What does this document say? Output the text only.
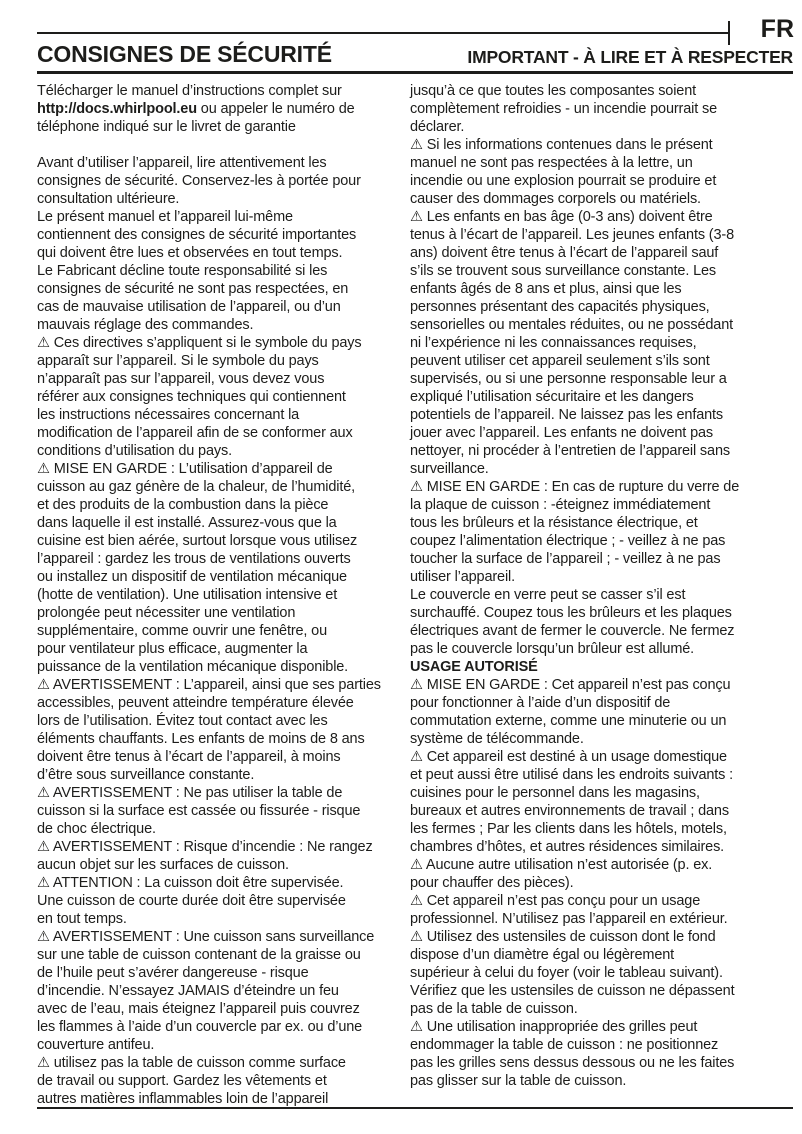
FR
CONSIGNES DE SÉCURITÉ	IMPORTANT - À LIRE ET À RESPECTER
Télécharger le manuel d’instructions complet sur
http://docs.whirlpool.eu ou appeler le numéro de
téléphone indiqué sur le livret de garantie

Avant d’utiliser l’appareil, lire attentivement les
consignes de sécurité. Conservez-les à portée pour
consultation ultérieure.
Le présent manuel et l’appareil lui-même
contiennent des consignes de sécurité importantes
qui doivent être lues et observées en tout temps.
Le Fabricant décline toute responsabilité si les
consignes de sécurité ne sont pas respectées, en
cas de mauvaise utilisation de l’appareil, ou d’un
mauvais réglage des commandes.
⚠ Ces directives s’appliquent si le symbole du pays
apparaît sur l’appareil. Si le symbole du pays
n’apparaît pas sur l’appareil, vous devez vous
référer aux consignes techniques qui contiennent
les instructions nécessaires concernant la
modification de l’appareil afin de se conformer aux
conditions d’utilisation du pays.
⚠ MISE EN GARDE : L’utilisation d’appareil de
cuisson au gaz génère de la chaleur, de l’humidité,
et des produits de la combustion dans la pièce
dans laquelle il est installé. Assurez-vous que la
cuisine est bien aérée, surtout lorsque vous utilisez
l’appareil : gardez les trous de ventilations ouverts
ou installez un dispositif de ventilation mécanique
(hotte de ventilation). Une utilisation intensive et
prolongée peut nécessiter une ventilation
supplémentaire, comme ouvrir une fenêtre, ou
pour ventilateur plus efficace, augmenter la
puissance de la ventilation mécanique disponible.
⚠ AVERTISSEMENT : L’appareil, ainsi que ses parties
accessibles, peuvent atteindre température élevée
lors de l’utilisation. Évitez tout contact avec les
éléments chauffants. Les enfants de moins de 8 ans
doivent être tenus à l’écart de l’appareil, à moins
d’être sous surveillance constante.
⚠ AVERTISSEMENT : Ne pas utiliser la table de
cuisson si la surface est cassée ou fissurée - risque
de choc électrique.
⚠ AVERTISSEMENT : Risque d’incendie : Ne rangez
aucun objet sur les surfaces de cuisson.
⚠ ATTENTION : La cuisson doit être supervisée.
Une cuisson de courte durée doit être supervisée
en tout temps.
⚠ AVERTISSEMENT : Une cuisson sans surveillance
sur une table de cuisson contenant de la graisse ou
de l’huile peut s’avérer dangereuse - risque
d’incendie. N’essayez JAMAIS d’éteindre un feu
avec de l’eau, mais éteignez l’appareil puis couvrez
les flammes à l’aide d’un couvercle par ex. ou d’une
couverture antifeu.
⚠ utilisez pas la table de cuisson comme surface
de travail ou support. Gardez les vêtements et
autres matières inflammables loin de l’appareil
jusqu’à ce que toutes les composantes soient
complètement refroidies - un incendie pourrait se
déclarer.
⚠ Si les informations contenues dans le présent
manuel ne sont pas respectées à la lettre, un
incendie ou une explosion pourrait se produire et
causer des dommages corporels ou matériels.
⚠ Les enfants en bas âge (0-3 ans) doivent être
tenus à l’écart de l’appareil. Les jeunes enfants (3-8
ans) doivent être tenus à l’écart de l’appareil sauf
s’ils se trouvent sous surveillance constante. Les
enfants âgés de 8 ans et plus, ainsi que les
personnes présentant des capacités physiques,
sensorielles ou mentales réduites, ou ne possédant
ni l’expérience ni les connaissances requises,
peuvent utiliser cet appareil seulement s’ils sont
supervisés, ou si une personne responsable leur a
expliqué l’utilisation sécuritaire et les dangers
potentiels de l’appareil. Ne laissez pas les enfants
jouer avec l’appareil. Les enfants ne doivent pas
nettoyer, ni procéder à l’entretien de l’appareil sans
surveillance.
⚠ MISE EN GARDE : En cas de rupture du verre de
la plaque de cuisson : -éteignez immédiatement
tous les brûleurs et la résistance électrique, et
coupez l’alimentation électrique ; - veillez à ne pas
toucher la surface de l’appareil ; - veillez à ne pas
utiliser l’appareil.
Le couvercle en verre peut se casser s’il est
surchauffé. Coupez tous les brûleurs et les plaques
électriques avant de fermer le couvercle. Ne fermez
pas le couvercle lorsqu’un brûleur est allumé.
USAGE AUTORISÉ
⚠ MISE EN GARDE : Cet appareil n’est pas conçu
pour fonctionner à l’aide d’un dispositif de
commutation externe, comme une minuterie ou un
système de télécommande.
⚠ Cet appareil est destiné à un usage domestique
et peut aussi être utilisé dans les endroits suivants :
cuisines pour le personnel dans les magasins,
bureaux et autres environnements de travail ; dans
les fermes ; Par les clients dans les hôtels, motels,
chambres d’hôtes, et autres résidences similaires.
⚠ Aucune autre utilisation n’est autorisée (p. ex.
pour chauffer des pièces).
⚠ Cet appareil n’est pas conçu pour un usage
professionnel. N’utilisez pas l’appareil en extérieur.
⚠ Utilisez des ustensiles de cuisson dont le fond
dispose d’un diamètre égal ou légèrement
supérieur à celui du foyer (voir le tableau suivant).
Vérifiez que les ustensiles de cuisson ne dépassent
pas de la table de cuisson.
⚠ Une utilisation inappropriée des grilles peut
endommager la table de cuisson : ne positionnez
pas les grilles sens dessus dessous ou ne les faites
pas glisser sur la table de cuisson.
